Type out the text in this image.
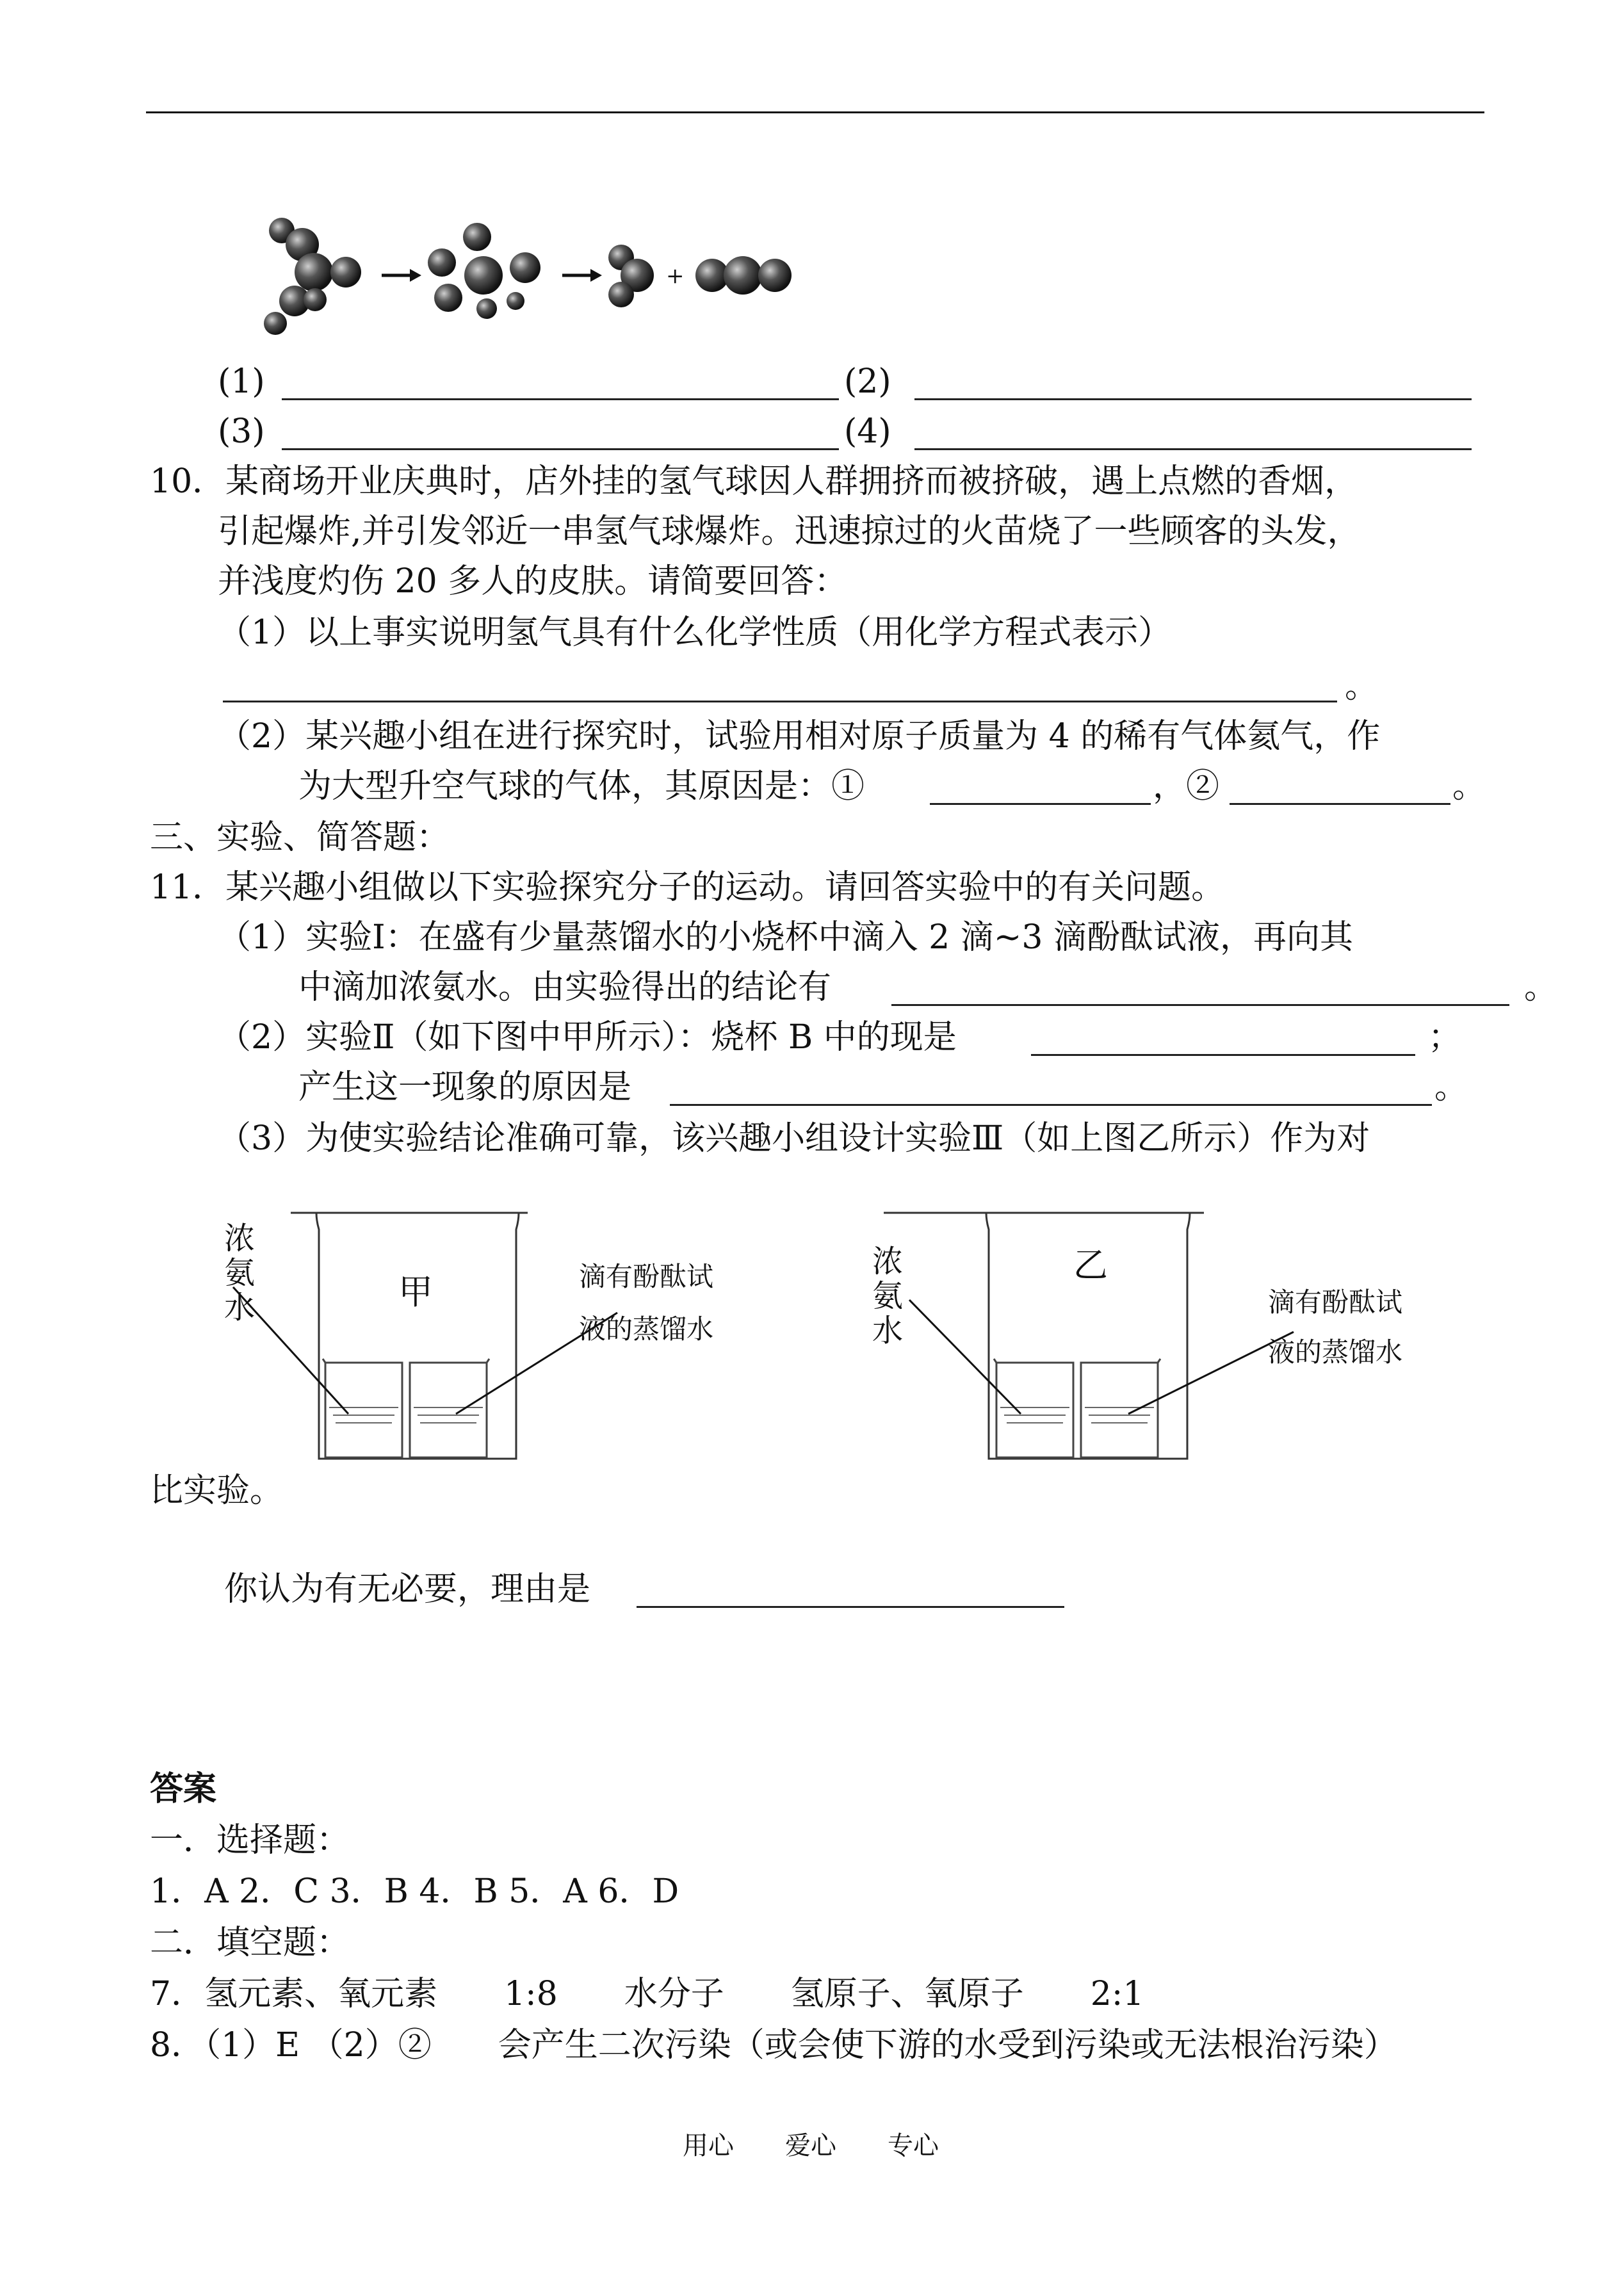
+
(1)	(2)
(3)	(4)
10．某商场开业庆典时，店外挂的氢气球因人群拥挤而被挤破，遇上点燃的香烟，
引起爆炸,并引发邻近一串氢气球爆炸。迅速掠过的火苗烧了一些顾客的头发，
并浅度灼伤 20 多人的皮肤。请简要回答：
（1）以上事实说明氢气具有什么化学性质（用化学方程式表示）
。
（2）某兴趣小组在进行探究时，试验用相对原子质量为 4 的稀有气体氦气，作
为大型升空气球的气体，其原因是：①	，②	。
三、实验、简答题：
11．某兴趣小组做以下实验探究分子的运动。请回答实验中的有关问题。
（1）实验Ⅰ：在盛有少量蒸馏水的小烧杯中滴入 2 滴~3 滴酚酞试液，再向其
中滴加浓氨水。由实验得出的结论有	。
（2）实验Ⅱ（如下图中甲所示）：烧杯 B 中的现是	；
产生这一现象的原因是	。
（3）为使实验结论准确可靠，该兴趣小组设计实验Ⅲ（如上图乙所示）作为对
甲
浓
氨
水
滴有酚酞试
液的蒸馏水
乙
浓
氨
水
滴有酚酞试
液的蒸馏水
比实验。
你认为有无必要，理由是
答案
一．选择题：
1．A 2．C 3．B 4．B 5．A 6．D
二．填空题：
7．氢元素、氧元素　　1:8　　水分子　　氢原子、氧原子　　2:1
8．（1）E （2）②　　会产生二次污染（或会使下游的水受到污染或无法根治污染）
用心　　爱心　　专心
